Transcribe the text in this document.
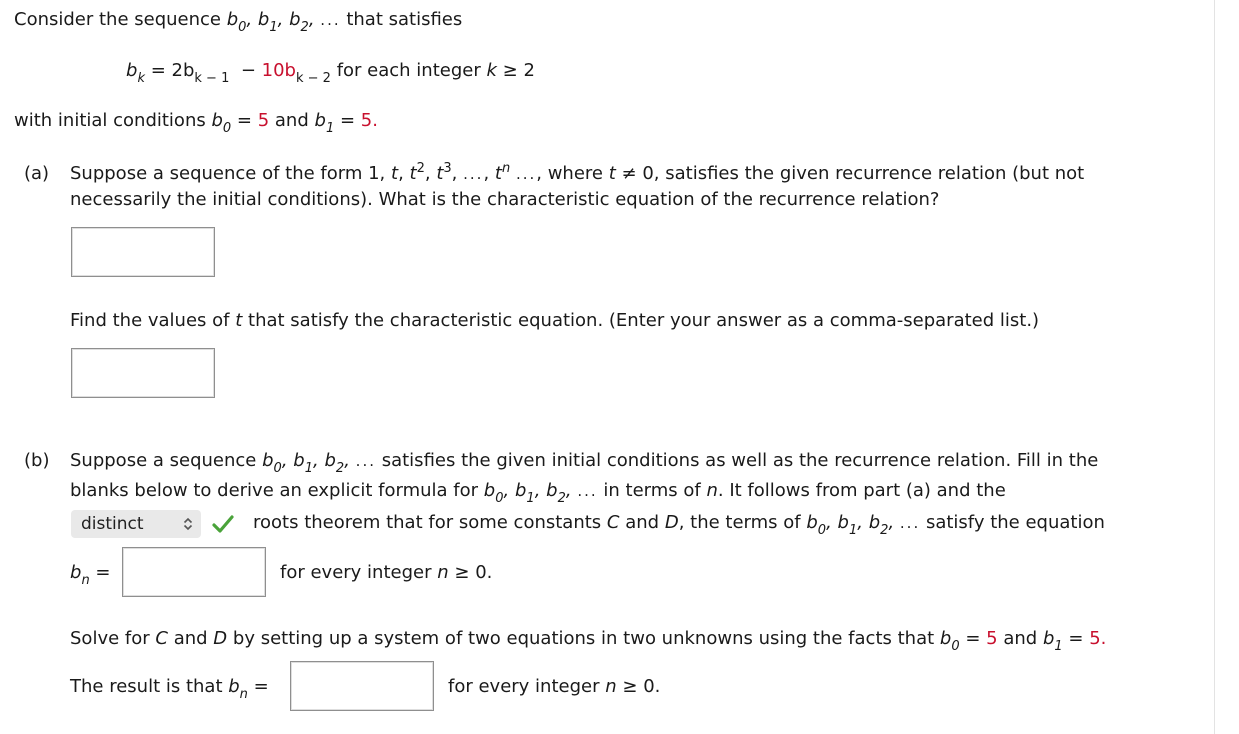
Consider the sequence $b_0$, $b_1$, $b_2$, ... that satisfies
$b_k = 2b_{k - 1} - 10b_{k - 2}$ for each integer k ≥ 2
with initial conditions $b_0 = 5$ and $b_1 = 5$.
(a) Suppose a sequence of the form 1, t, $t^2$, $t^3$, ..., $t^n$ ..., where t ≠ 0, satisfies the given recurrence relation (but not
necessarily the initial conditions). What is the characteristic equation of the recurrence relation?
Find the values of t that satisfy the characteristic equation. (Enter your answer as a comma-separated list.)
(b) Suppose a sequence $b_0$, $b_1$, $b_2$, ... satisfies the given initial conditions as well as the recurrence relation. Fill in the
blanks below to derive an explicit formula for $b_0$, $b_1$, $b_2$, ... in terms of n. It follows from part (a) and the
distinct	roots theorem that for some constants C and D, the terms of $b_0$, $b_1$, $b_2$, ... satisfy the equation
$b_n$ =	for every integer n ≥ 0.
Solve for C and D by setting up a system of two equations in two unknowns using the facts that $b_0 = 5$ and $b_1 = 5$.
The result is that $b_n$ =	for every integer n ≥ 0.
